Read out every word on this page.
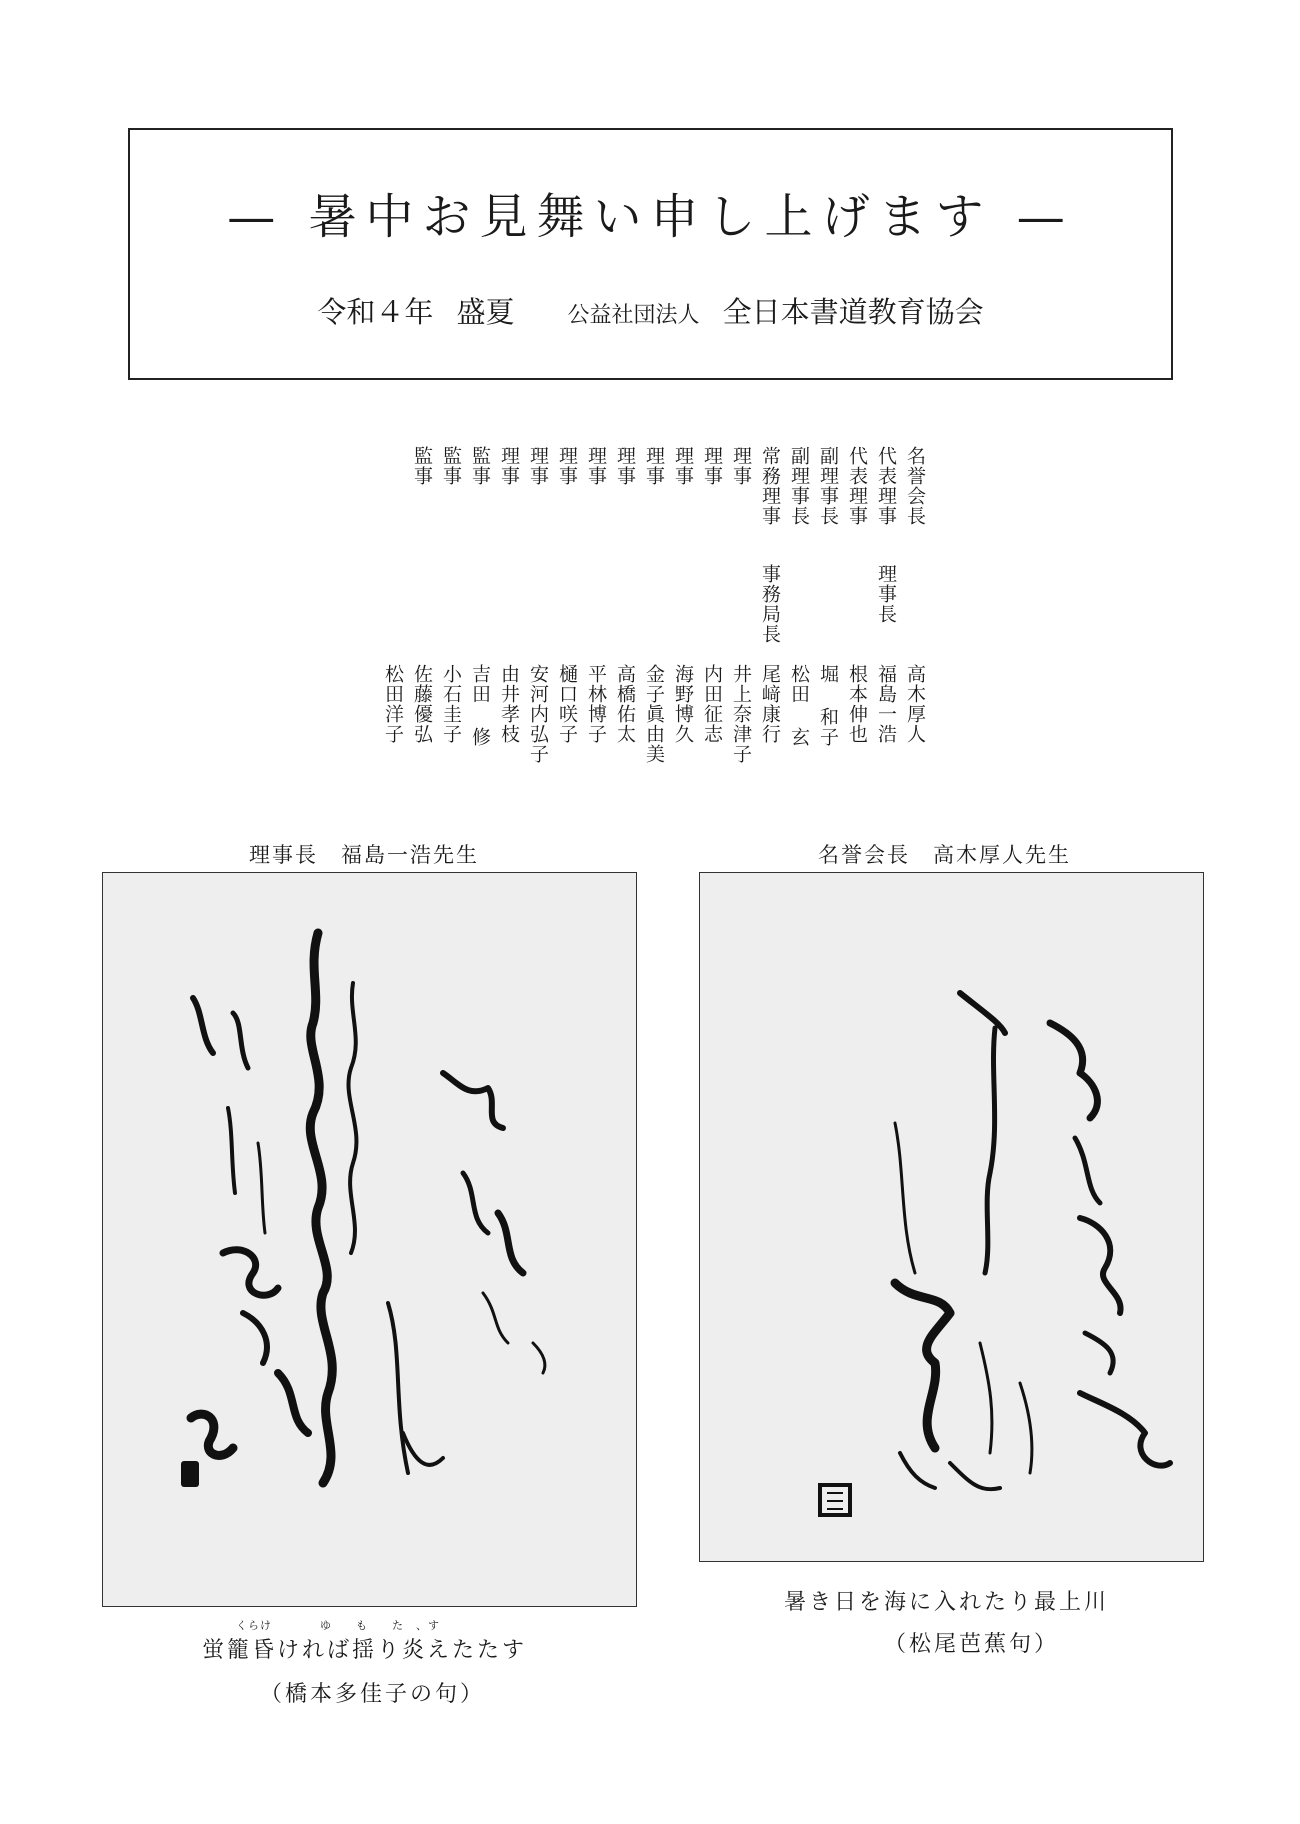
— 暑中お見舞い申し上げます —
令和４年 盛夏 公益社団法人 全日本書道教育協会
名誉会長
高木厚人
代表理事
理事長
福島一浩
代表理事
根本伸也
副理事長
堀 和子
副理事長
松田 玄
常務理事
事務局長
尾﨑康行
理事
井上奈津子
理事
内田征志
理事
海野博久
理事
金子眞由美
理事
高橋佑太
理事
平林博子
理事
樋口咲子
理事
安河内弘子
理事
由井孝枝
監事
吉田 修
監事
小石圭子
監事
佐藤優弘
松田洋子
理事長　福島一浩先生
くらけ　　　　ゆ　　も　　た　、す
蛍籠昏ければ揺り炎えたたす
（橋本多佳子の句）
名誉会長　高木厚人先生
暑き日を海に入れたり最上川
（松尾芭蕉句）
